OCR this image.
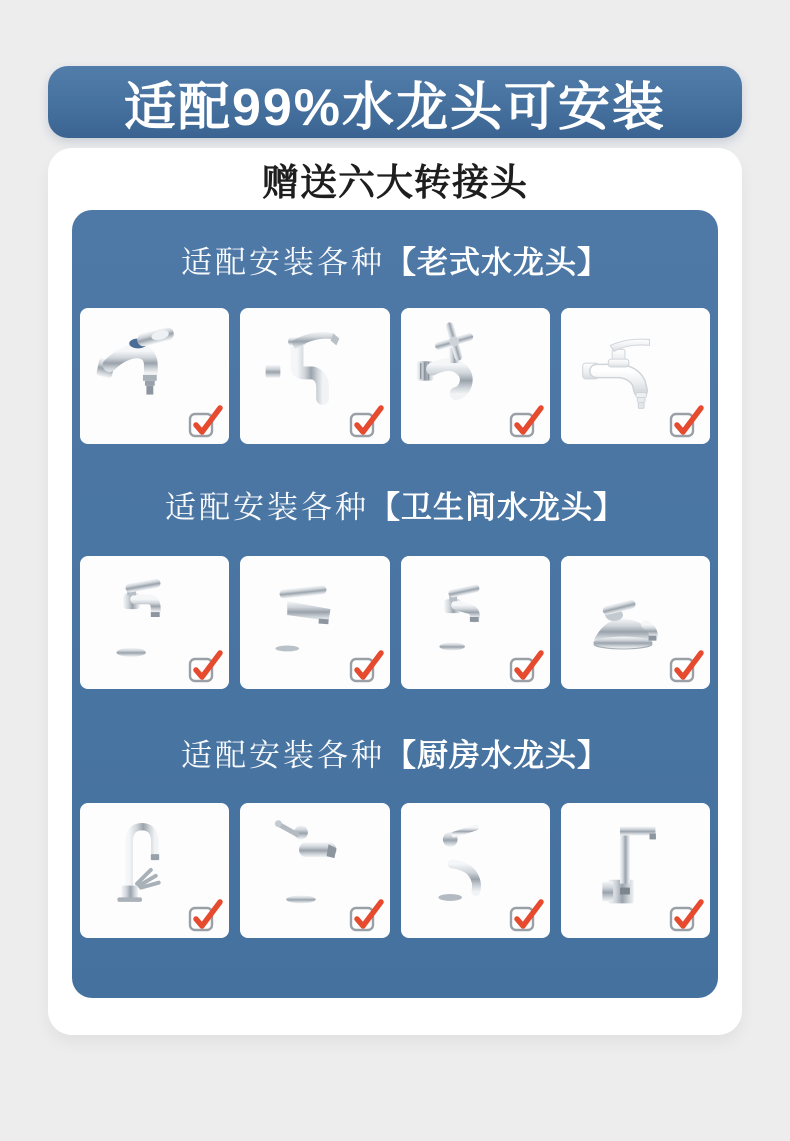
适配99%水龙头可安装
赠送六大转接头
适配安装各种【老式水龙头】
适配安装各种【卫生间水龙头】
适配安装各种【厨房水龙头】
